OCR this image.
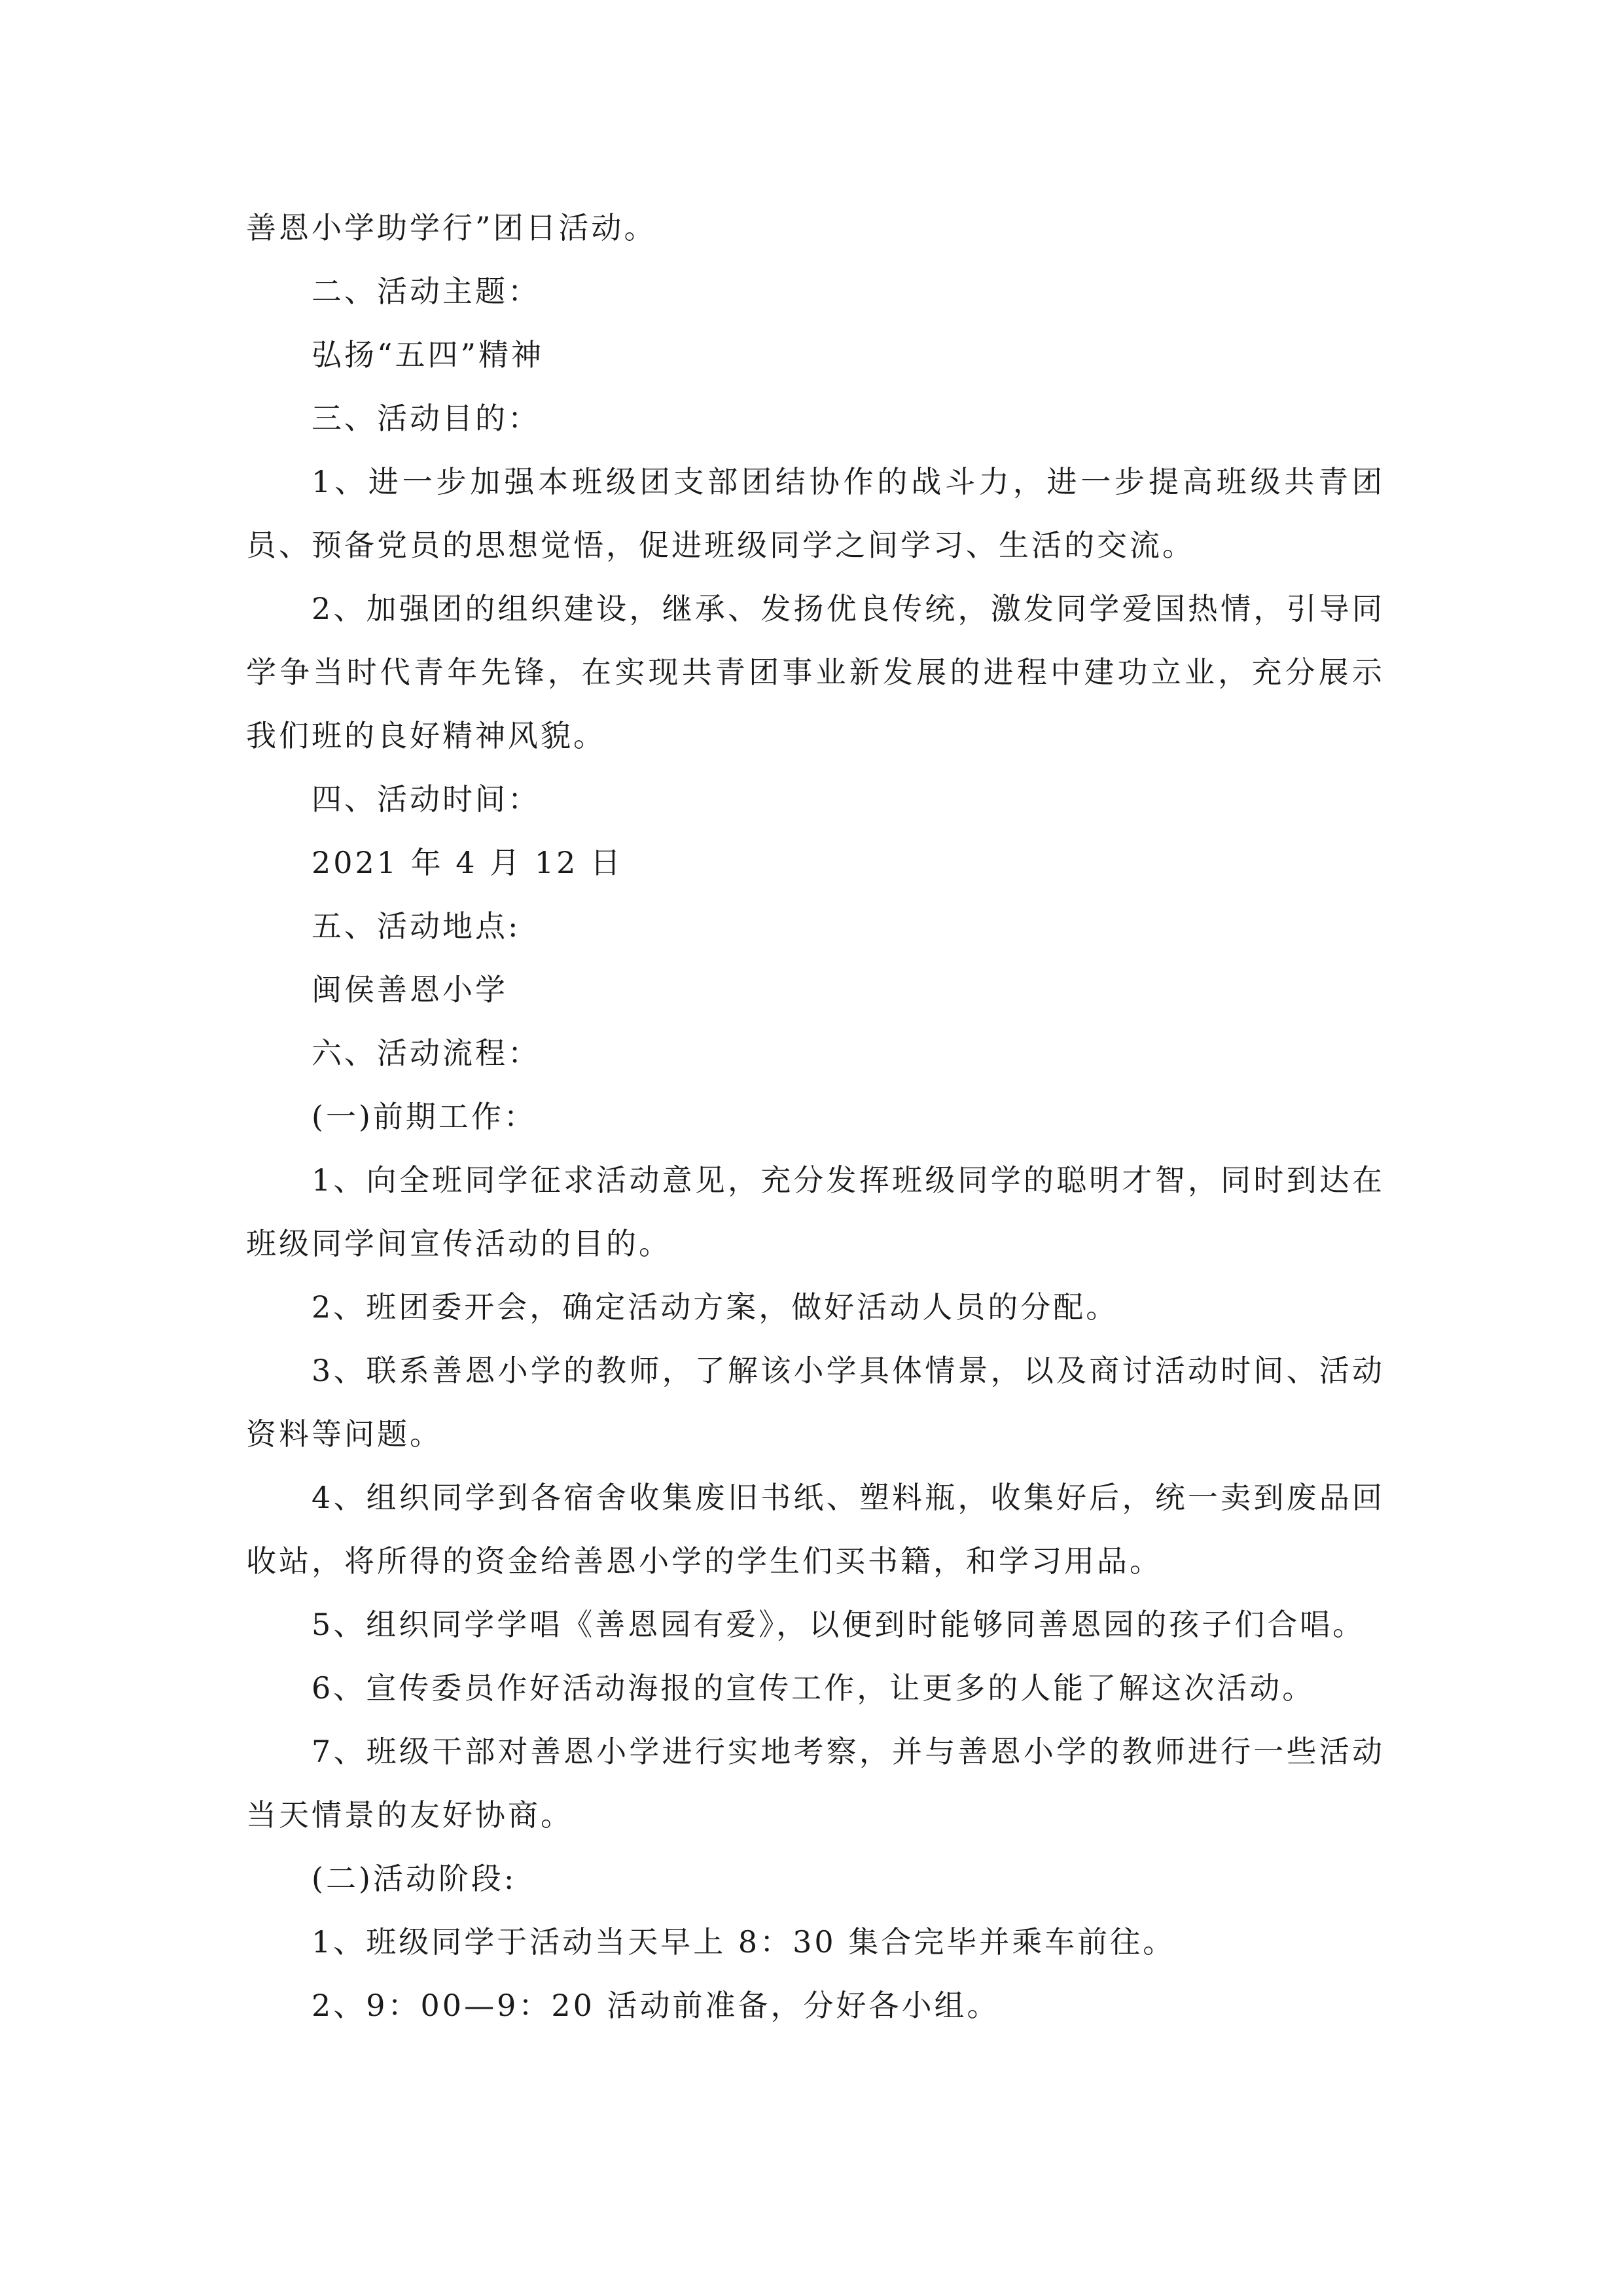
善恩小学助学行”团日活动。

二、活动主题：

弘扬“五四”精神

三、活动目的：

1、进一步加强本班级团支部团结协作的战斗力，进一步提高班级共青团员、预备党员的思想觉悟，促进班级同学之间学习、生活的交流。

2、加强团的组织建设，继承、发扬优良传统，激发同学爱国热情，引导同学争当时代青年先锋，在实现共青团事业新发展的进程中建功立业，充分展示我们班的良好精神风貌。

四、活动时间：

2021 年 4 月 12 日

五、活动地点:

闽侯善恩小学

六、活动流程：

(一)前期工作：

1、向全班同学征求活动意见，充分发挥班级同学的聪明才智，同时到达在班级同学间宣传活动的目的。

2、班团委开会，确定活动方案，做好活动人员的分配。

3、联系善恩小学的教师，了解该小学具体情景，以及商讨活动时间、活动资料等问题。

4、组织同学到各宿舍收集废旧书纸、塑料瓶，收集好后，统一卖到废品回收站，将所得的资金给善恩小学的学生们买书籍，和学习用品。

5、组织同学学唱《善恩园有爱》，以便到时能够同善恩园的孩子们合唱。

6、宣传委员作好活动海报的宣传工作，让更多的人能了解这次活动。

7、班级干部对善恩小学进行实地考察，并与善恩小学的教师进行一些活动当天情景的友好协商。

(二)活动阶段:

1、班级同学于活动当天早上 8：30 集合完毕并乘车前往。

2、9：00—9：20 活动前准备，分好各小组。
